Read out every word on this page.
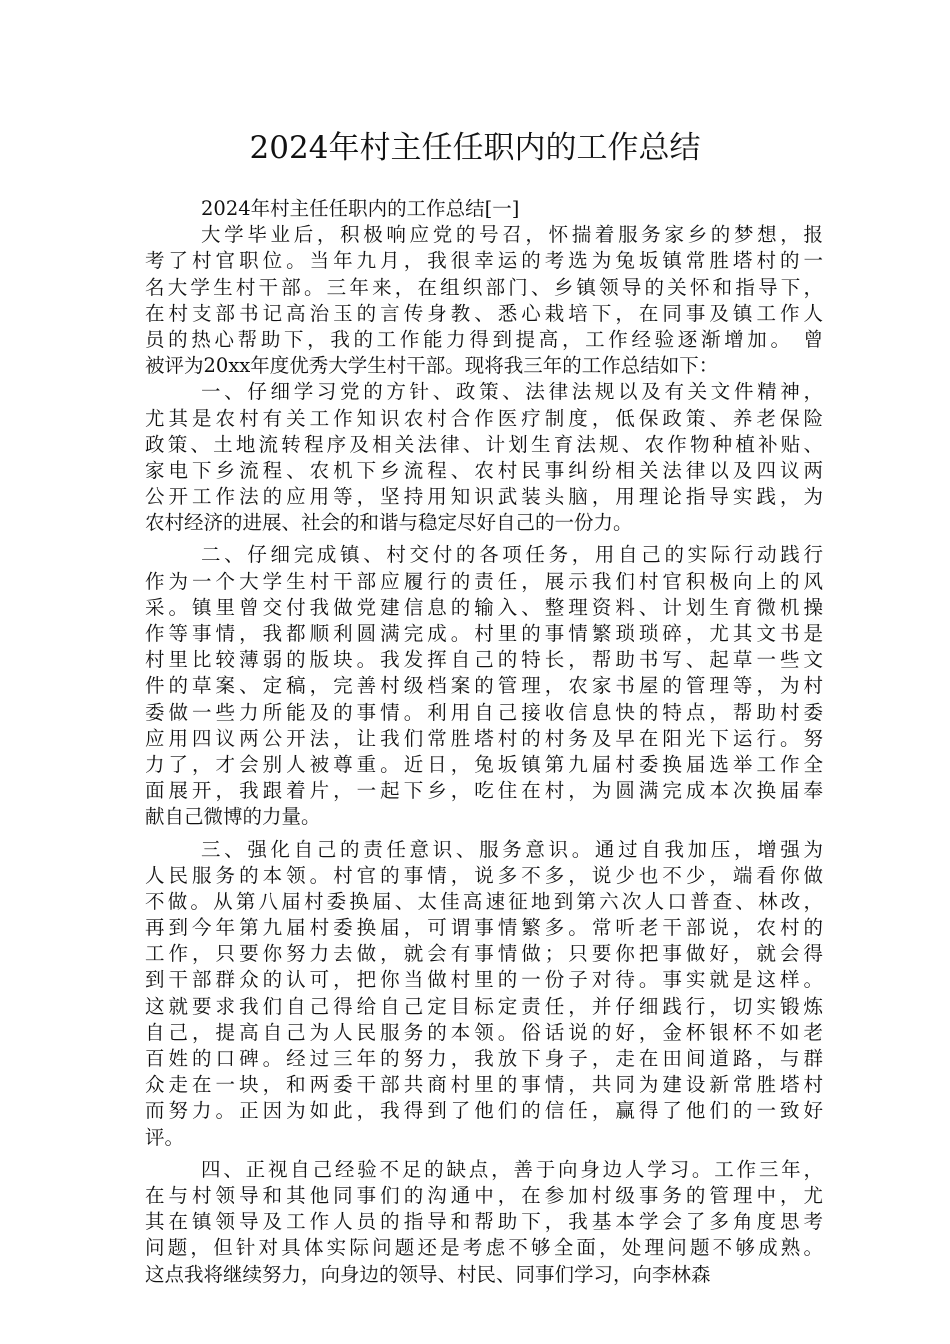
2024年村主任任职内的工作总结
2024年村主任任职内的工作总结[一]
大学毕业后，积极响应党的号召，怀揣着服务家乡的梦想，报
考了村官职位。当年九月，我很幸运的考选为兔坂镇常胜塔村的一
名大学生村干部。三年来，在组织部门、乡镇领导的关怀和指导下，
在村支部书记高治玉的言传身教、悉心栽培下，在同事及镇工作人
员的热心帮助下，我的工作能力得到提高，工作经验逐渐增加。 曾
被评为20xx年度优秀大学生村干部。现将我三年的工作总结如下：
一、仔细学习党的方针、政策、法律法规以及有关文件精神，
尤其是农村有关工作知识农村合作医疗制度，低保政策、养老保险
政策、土地流转程序及相关法律、计划生育法规、农作物种植补贴、
家电下乡流程、农机下乡流程、农村民事纠纷相关法律以及四议两
公开工作法的应用等，坚持用知识武装头脑，用理论指导实践，为
农村经济的进展、社会的和谐与稳定尽好自己的一份力。
二、仔细完成镇、村交付的各项任务，用自己的实际行动践行
作为一个大学生村干部应履行的责任，展示我们村官积极向上的风
采。镇里曾交付我做党建信息的输入、整理资料、计划生育微机操
作等事情，我都顺利圆满完成。村里的事情繁琐琐碎，尤其文书是
村里比较薄弱的版块。我发挥自己的特长，帮助书写、起草一些文
件的草案、定稿，完善村级档案的管理，农家书屋的管理等，为村
委做一些力所能及的事情。利用自己接收信息快的特点，帮助村委
应用四议两公开法，让我们常胜塔村的村务及早在阳光下运行。努
力了，才会别人被尊重。近日，兔坂镇第九届村委换届选举工作全
面展开，我跟着片，一起下乡，吃住在村，为圆满完成本次换届奉
献自己微博的力量。
三、强化自己的责任意识、服务意识。通过自我加压，增强为
人民服务的本领。村官的事情，说多不多，说少也不少，端看你做
不做。从第八届村委换届、太佳高速征地到第六次人口普查、林改，
再到今年第九届村委换届，可谓事情繁多。常听老干部说，农村的
工作，只要你努力去做，就会有事情做；只要你把事做好，就会得
到干部群众的认可，把你当做村里的一份子对待。事实就是这样。
这就要求我们自己得给自己定目标定责任，并仔细践行，切实锻炼
自己，提高自己为人民服务的本领。俗话说的好，金杯银杯不如老
百姓的口碑。经过三年的努力，我放下身子，走在田间道路，与群
众走在一块，和两委干部共商村里的事情，共同为建设新常胜塔村
而努力。正因为如此，我得到了他们的信任，赢得了他们的一致好
评。
四、正视自己经验不足的缺点，善于向身边人学习。工作三年，
在与村领导和其他同事们的沟通中，在参加村级事务的管理中，尤
其在镇领导及工作人员的指导和帮助下，我基本学会了多角度思考
问题，但针对具体实际问题还是考虑不够全面，处理问题不够成熟。
这点我将继续努力，向身边的领导、村民、同事们学习，向李林森
